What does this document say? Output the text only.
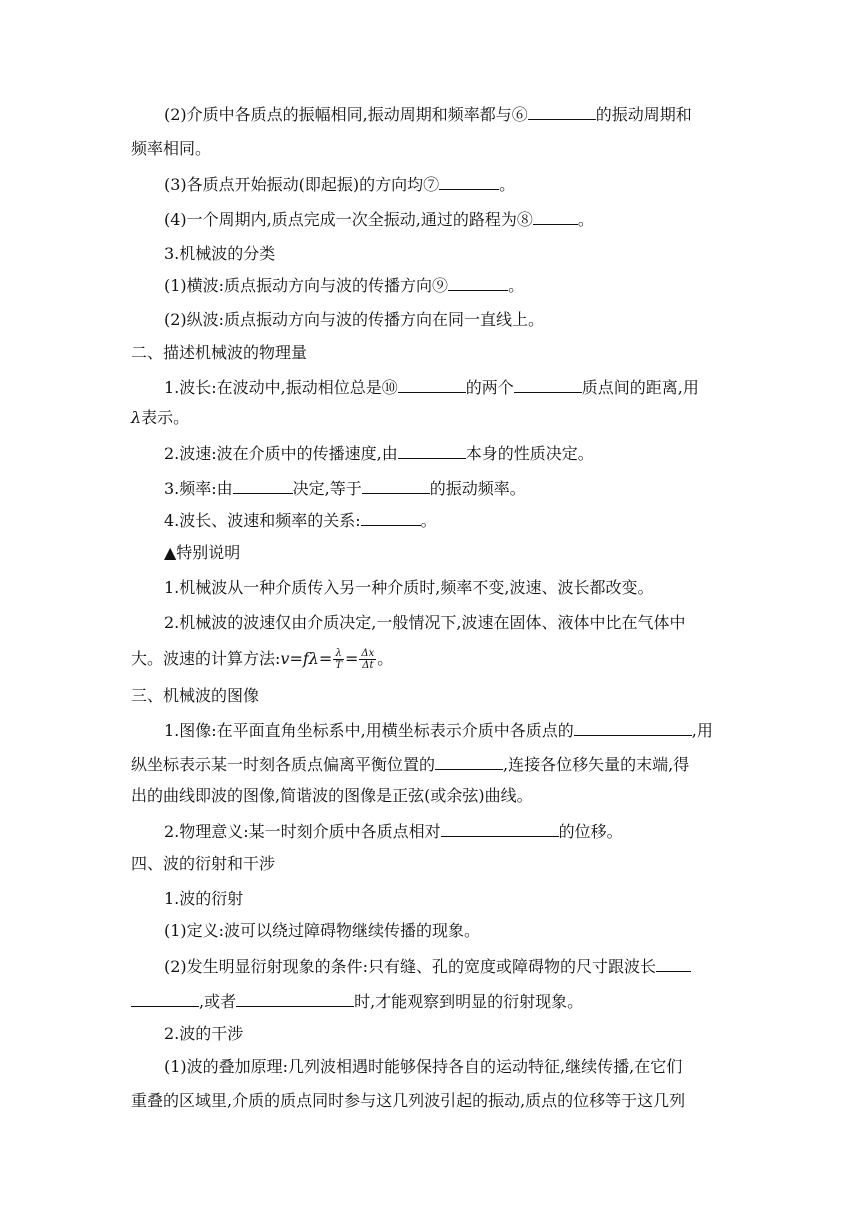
(2)介质中各质点的振幅相同,振动周期和频率都与⑥	的振动周期和
频率相同。
(3)各质点开始振动(即起振)的方向均⑦	。
(4)一个周期内,质点完成一次全振动,通过的路程为⑧	。
3.机械波的分类
(1)横波:质点振动方向与波的传播方向⑨	。
(2)纵波:质点振动方向与波的传播方向在同一直线上。
二、描述机械波的物理量
1.波长:在波动中,振动相位总是⑩	的两个	质点间的距离,用
λ表示。
2.波速:波在介质中的传播速度,由	本身的性质决定。
3.频率:由	决定,等于	的振动频率。
4.波长、波速和频率的关系:	。
▲特别说明
1.机械波从一种介质传入另一种介质时,频率不变,波速、波长都改变。
2.机械波的波速仅由介质决定,一般情况下,波速在固体、液体中比在气体中
大。波速的计算方法:v=fλ= $\frac{\lambda}{T} = \frac{\Delta x}{\Delta t}$ 。
三、机械波的图像
1.图像:在平面直角坐标系中,用横坐标表示介质中各质点的	,用
纵坐标表示某一时刻各质点偏离平衡位置的	,连接各位移矢量的末端,得
出的曲线即波的图像,简谐波的图像是正弦(或余弦)曲线。
2.物理意义:某一时刻介质中各质点相对	的位移。
四、波的衍射和干涉
1.波的衍射
(1)定义:波可以绕过障碍物继续传播的现象。
(2)发生明显衍射现象的条件:只有缝、孔的宽度或障碍物的尺寸跟波长
,或者	时,才能观察到明显的衍射现象。
2.波的干涉
(1)波的叠加原理:几列波相遇时能够保持各自的运动特征,继续传播,在它们
重叠的区域里,介质的质点同时参与这几列波引起的振动,质点的位移等于这几列
